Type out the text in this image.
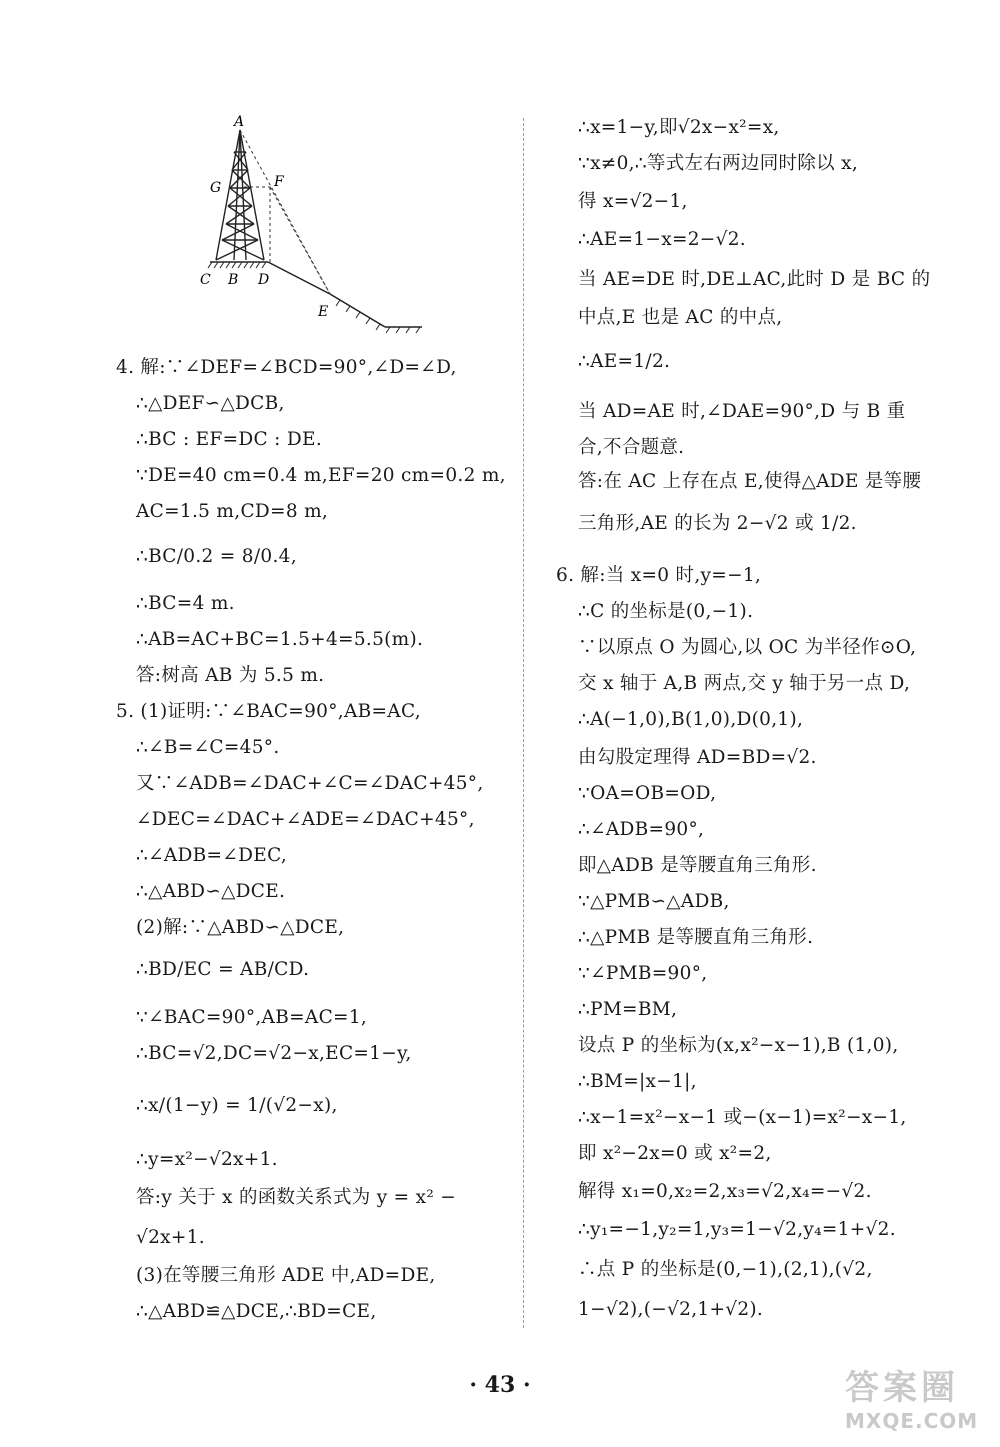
A
G	F
C B D
E
4. 解:∵∠DEF=∠BCD=90°,∠D=∠D,
∴△DEF∽△DCB,
∴BC : EF=DC : DE.
∵DE=40 cm=0.4 m,EF=20 cm=0.2 m,
AC=1.5 m,CD=8 m,
∴BC/0.2 = 8/0.4,
∴BC=4 m.
∴AB=AC+BC=1.5+4=5.5(m).
答:树高 AB 为 5.5 m.
5. (1)证明:∵∠BAC=90°,AB=AC,
∴∠B=∠C=45°.
又∵∠ADB=∠DAC+∠C=∠DAC+45°,
∠DEC=∠DAC+∠ADE=∠DAC+45°,
∴∠ADB=∠DEC,
∴△ABD∽△DCE.
(2)解:∵△ABD∽△DCE,
∴BD/EC = AB/CD.
∵∠BAC=90°,AB=AC=1,
∴BC=√2,DC=√2−x,EC=1−y,
∴x/(1−y) = 1/(√2−x),
∴y=x²−√2x+1.
答:y 关于 x 的函数关系式为 y = x² −
√2x+1.
(3)在等腰三角形 ADE 中,AD=DE,
∴△ABD≌△DCE,∴BD=CE,
∴x=1−y,即√2x−x²=x,
∵x≠0,∴等式左右两边同时除以 x,
得 x=√2−1,
∴AE=1−x=2−√2.
当 AE=DE 时,DE⊥AC,此时 D 是 BC 的
中点,E 也是 AC 的中点,
∴AE=1/2.
当 AD=AE 时,∠DAE=90°,D 与 B 重
合,不合题意.
答:在 AC 上存在点 E,使得△ADE 是等腰
三角形,AE 的长为 2−√2 或 1/2.
6. 解:当 x=0 时,y=−1,
∴C 的坐标是(0,−1).
∵以原点 O 为圆心,以 OC 为半径作⊙O,
交 x 轴于 A,B 两点,交 y 轴于另一点 D,
∴A(−1,0),B(1,0),D(0,1),
由勾股定理得 AD=BD=√2.
∵OA=OB=OD,
∴∠ADB=90°,
即△ADB 是等腰直角三角形.
∵△PMB∽△ADB,
∴△PMB 是等腰直角三角形.
∵∠PMB=90°,
∴PM=BM,
设点 P 的坐标为(x,x²−x−1),B (1,0),
∴BM=|x−1|,
∴x−1=x²−x−1 或−(x−1)=x²−x−1,
即 x²−2x=0 或 x²=2,
解得 x₁=0,x₂=2,x₃=√2,x₄=−√2.
∴y₁=−1,y₂=1,y₃=1−√2,y₄=1+√2.
∴点 P 的坐标是(0,−1),(2,1),(√2,
1−√2),(−√2,1+√2).
· 43 ·	答案圈
MXQE.COM
